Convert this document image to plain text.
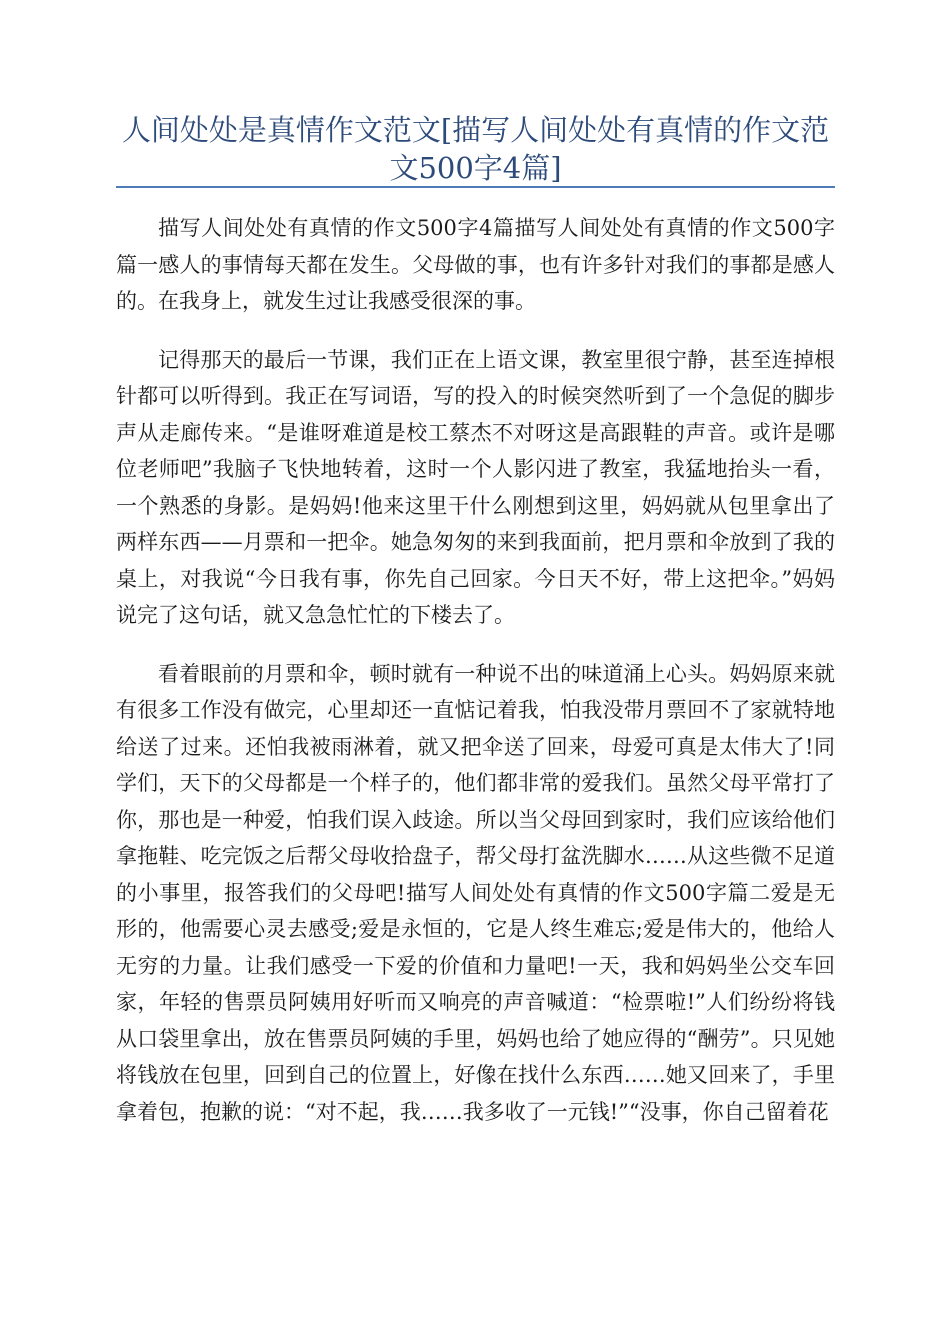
人间处处是真情作文范文[描写人间处处有真情的作文范文500字4篇]

描写人间处处有真情的作文500字4篇描写人间处处有真情的作文500字篇一感人的事情每天都在发生。父母做的事，也有许多针对我们的事都是感人的。在我身上，就发生过让我感受很深的事。

记得那天的最后一节课，我们正在上语文课，教室里很宁静，甚至连掉根针都可以听得到。我正在写词语，写的投入的时候突然听到了一个急促的脚步声从走廊传来。“是谁呀难道是校工蔡杰不对呀这是高跟鞋的声音。或许是哪位老师吧”我脑子飞快地转着，这时一个人影闪进了教室，我猛地抬头一看，一个熟悉的身影。是妈妈!他来这里干什么刚想到这里，妈妈就从包里拿出了两样东西——月票和一把伞。她急匆匆的来到我面前，把月票和伞放到了我的桌上，对我说“今日我有事，你先自己回家。今日天不好，带上这把伞。”妈妈说完了这句话，就又急急忙忙的下楼去了。

看着眼前的月票和伞，顿时就有一种说不出的味道涌上心头。妈妈原来就有很多工作没有做完，心里却还一直惦记着我，怕我没带月票回不了家就特地给送了过来。还怕我被雨淋着，就又把伞送了回来，母爱可真是太伟大了!同学们，天下的父母都是一个样子的，他们都非常的爱我们。虽然父母平常打了你，那也是一种爱，怕我们误入歧途。所以当父母回到家时，我们应该给他们拿拖鞋、吃完饭之后帮父母收拾盘子，帮父母打盆洗脚水……从这些微不足道的小事里，报答我们的父母吧!描写人间处处有真情的作文500字篇二爱是无形的，他需要心灵去感受;爱是永恒的，它是人终生难忘;爱是伟大的，他给人无穷的力量。让我们感受一下爱的价值和力量吧!一天，我和妈妈坐公交车回家，年轻的售票员阿姨用好听而又响亮的声音喊道：“检票啦!”人们纷纷将钱从口袋里拿出，放在售票员阿姨的手里，妈妈也给了她应得的“酬劳”。只见她将钱放在包里，回到自己的位置上，好像在找什么东西……她又回来了，手里拿着包，抱歉的说：“对不起，我……我多收了一元钱!”“没事，你自己留着花
